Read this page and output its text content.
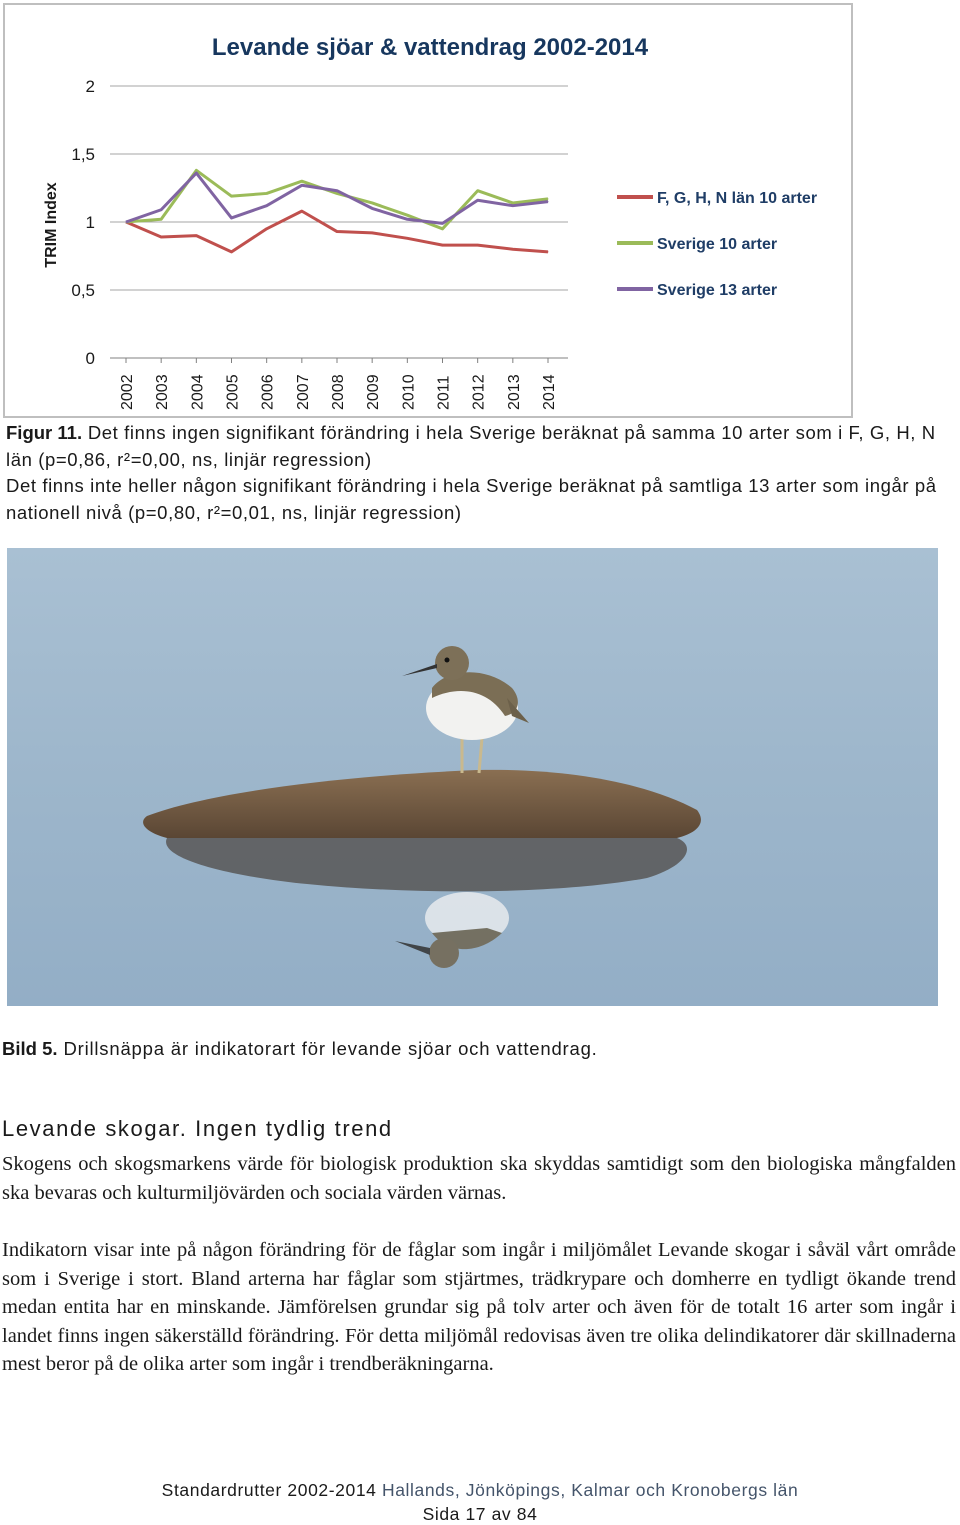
Levande sjöar & vattendrag 2002-2014
TRIM Index
0
0,5
1
1,5
2
2002 2003 2004 2005 2006 2007 2008 2009 2010 2011 2012 2013 2014
F, G, H, N län 10 arter
Sverige 10 arter
Sverige 13 arter
Figur 11. Det finns ingen signifikant förändring i hela Sverige beräknat på samma 10 arter som i F, G, H, N län (p=0,86, r²=0,00, ns, linjär regression)
Det finns inte heller någon signifikant förändring i hela Sverige beräknat på samtliga 13 arter som ingår på nationell nivå (p=0,80, r²=0,01, ns, linjär regression)
Bild 5. Drillsnäppa är indikatorart för levande sjöar och vattendrag.
Levande skogar. Ingen tydlig trend

Skogens och skogsmarkens värde för biologisk produktion ska skyddas samtidigt som den biologiska mångfalden ska bevaras och kulturmiljövärden och sociala värden värnas.

Indikatorn visar inte på någon förändring för de fåglar som ingår i miljömålet Levande skogar i såväl vårt område som i Sverige i stort. Bland arterna har fåglar som stjärtmes, trädkrypare och domherre en tydligt ökande trend medan entita har en minskande. Jämförelsen grundar sig på tolv arter och även för de totalt 16 arter som ingår i landet finns ingen säkerställd förändring. För detta miljömål redovisas även tre olika delindikatorer där skillnaderna mest beror på de olika arter som ingår i trendberäkningarna.

Standardrutter 2002-2014 Hallands, Jönköpings, Kalmar och Kronobergs län
Sida 17 av 84
